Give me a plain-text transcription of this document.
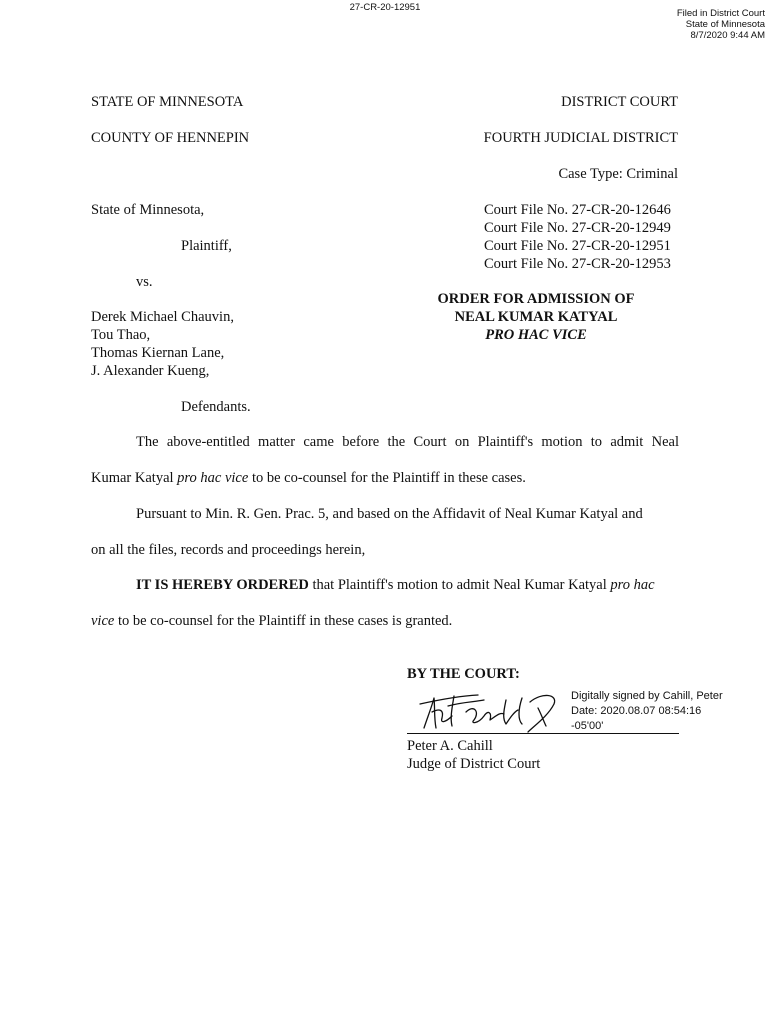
27-CR-20-12951
Filed in District Court
State of Minnesota
8/7/2020 9:44 AM
STATE OF MINNESOTA	DISTRICT COURT
COUNTY OF HENNEPIN	FOURTH JUDICIAL DISTRICT
Case Type: Criminal
State of Minnesota,
Plaintiff,
vs.
Court File No. 27-CR-20-12646
Court File No. 27-CR-20-12949
Court File No. 27-CR-20-12951
Court File No. 27-CR-20-12953
Derek Michael Chauvin,
Tou Thao,
Thomas Kiernan Lane,
J. Alexander Kueng,
Defendants.
ORDER FOR ADMISSION OF
NEAL KUMAR KATYAL
PRO HAC VICE
The above-entitled matter came before the Court on Plaintiff's motion to admit Neal
Kumar Katyal pro hac vice to be co-counsel for the Plaintiff in these cases.
Pursuant to Min. R. Gen. Prac. 5, and based on the Affidavit of Neal Kumar Katyal and
on all the files, records and proceedings herein,
IT IS HEREBY ORDERED that Plaintiff's motion to admit Neal Kumar Katyal pro hac
vice to be co-counsel for the Plaintiff in these cases is granted.
BY THE COURT:
Digitally signed by Cahill, Peter
Date: 2020.08.07 08:54:16
-05'00'
Peter A. Cahill
Judge of District Court
